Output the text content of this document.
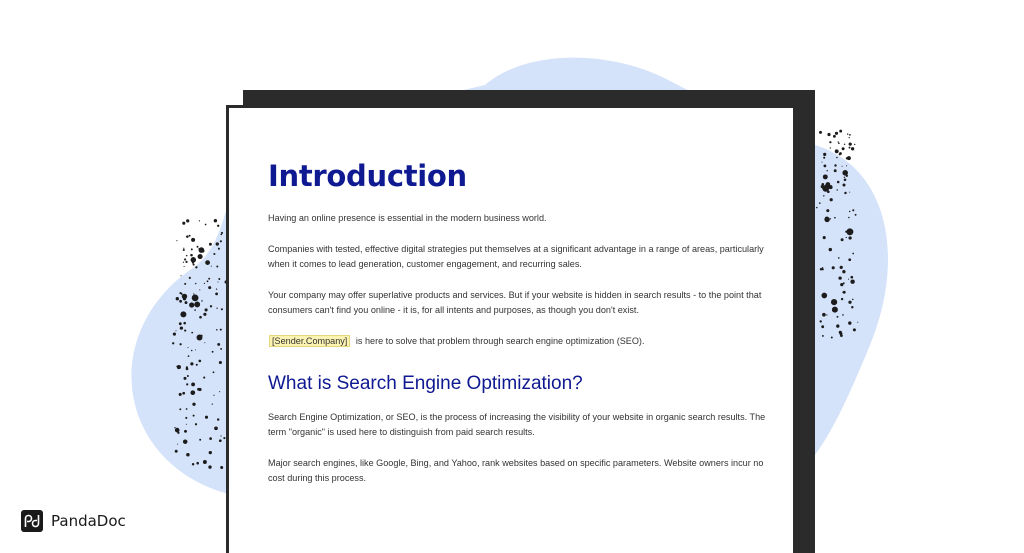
Introduction

Having an online presence is essential in the modern business world.

Companies with tested, effective digital strategies put themselves at a significant advantage in a range of areas, particularly when it comes to lead generation, customer engagement, and recurring sales.

Your company may offer superlative products and services. But if your website is hidden in search results - to the point that consumers can't find you online - it is, for all intents and purposes, as though you don't exist.

[Sender.Company] is here to solve that problem through search engine optimization (SEO).

What is Search Engine Optimization?

Search Engine Optimization, or SEO, is the process of increasing the visibility of your website in organic search results. The term "organic" is used here to distinguish from paid search results.

Major search engines, like Google, Bing, and Yahoo, rank websites based on specific parameters. Website owners incur no cost during this process.

PandaDoc
